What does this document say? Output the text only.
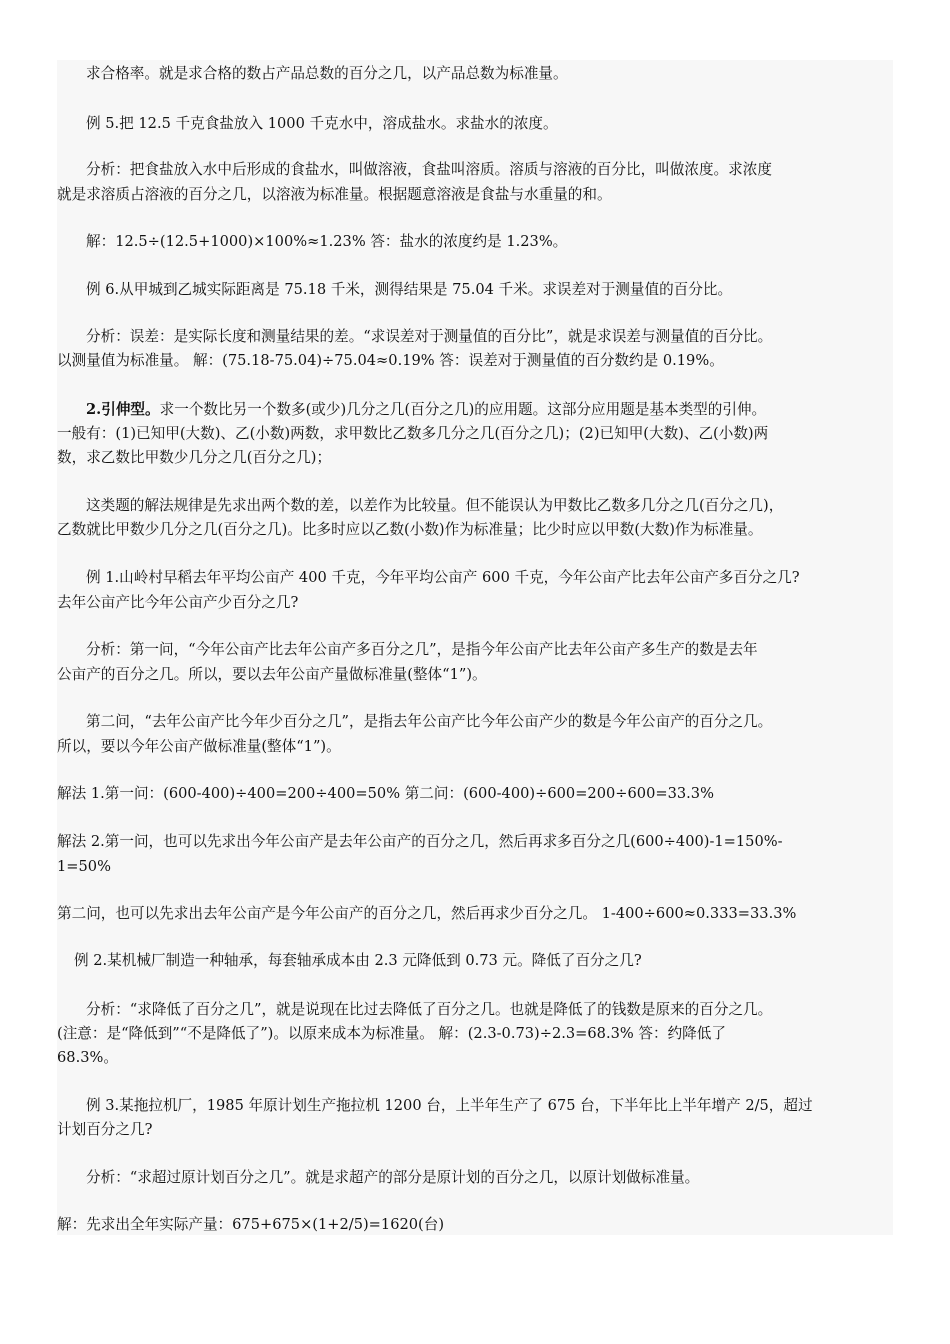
求合格率。就是求合格的数占产品总数的百分之几，以产品总数为标准量。
例 5.把 12.5 千克食盐放入 1000 千克水中，溶成盐水。求盐水的浓度。
分析：把食盐放入水中后形成的食盐水，叫做溶液，食盐叫溶质。溶质与溶液的百分比，叫做浓度。求浓度
就是求溶质占溶液的百分之几，以溶液为标准量。根据题意溶液是食盐与水重量的和。
解：12.5÷(12.5+1000)×100%≈1.23% 答：盐水的浓度约是 1.23%。
例 6.从甲城到乙城实际距离是 75.18 千米，测得结果是 75.04 千米。求误差对于测量值的百分比。
分析：误差：是实际长度和测量结果的差。“求误差对于测量值的百分比”，就是求误差与测量值的百分比。
以测量值为标准量。 解：(75.18-75.04)÷75.04≈0.19% 答：误差对于测量值的百分数约是 0.19%。
2.引伸型。求一个数比另一个数多(或少)几分之几(百分之几)的应用题。这部分应用题是基本类型的引伸。
一般有：(1)已知甲(大数)、乙(小数)两数，求甲数比乙数多几分之几(百分之几)；(2)已知甲(大数)、乙(小数)两
数，求乙数比甲数少几分之几(百分之几)；
这类题的解法规律是先求出两个数的差，以差作为比较量。但不能误认为甲数比乙数多几分之几(百分之几)，
乙数就比甲数少几分之几(百分之几)。比多时应以乙数(小数)作为标准量；比少时应以甲数(大数)作为标准量。
例 1.山岭村早稻去年平均公亩产 400 千克，今年平均公亩产 600 千克，今年公亩产比去年公亩产多百分之几?
去年公亩产比今年公亩产少百分之几?
分析：第一问，“今年公亩产比去年公亩产多百分之几”，是指今年公亩产比去年公亩产多生产的数是去年
公亩产的百分之几。所以，要以去年公亩产量做标准量(整体“1”)。
第二问，“去年公亩产比今年少百分之几”，是指去年公亩产比今年公亩产少的数是今年公亩产的百分之几。
所以，要以今年公亩产做标准量(整体“1”)。
解法 1.第一问：(600-400)÷400=200÷400=50% 第二问：(600-400)÷600=200÷600=33.3%
解法 2.第一问，也可以先求出今年公亩产是去年公亩产的百分之几，然后再求多百分之几(600÷400)-1=150%-
1=50%
第二问，也可以先求出去年公亩产是今年公亩产的百分之几，然后再求少百分之几。 1-400÷600≈0.333=33.3%
例 2.某机械厂制造一种轴承，每套轴承成本由 2.3 元降低到 0.73 元。降低了百分之几?
分析：“求降低了百分之几”，就是说现在比过去降低了百分之几。也就是降低了的钱数是原来的百分之几。
(注意：是“降低到”“不是降低了”)。以原来成本为标准量。 解：(2.3-0.73)÷2.3=68.3% 答：约降低了
68.3%。
例 3.某拖拉机厂，1985 年原计划生产拖拉机 1200 台，上半年生产了 675 台，下半年比上半年增产 2/5，超过
计划百分之几?
分析：“求超过原计划百分之几”。就是求超产的部分是原计划的百分之几，以原计划做标准量。
解：先求出全年实际产量：675+675×(1+2/5)=1620(台)
